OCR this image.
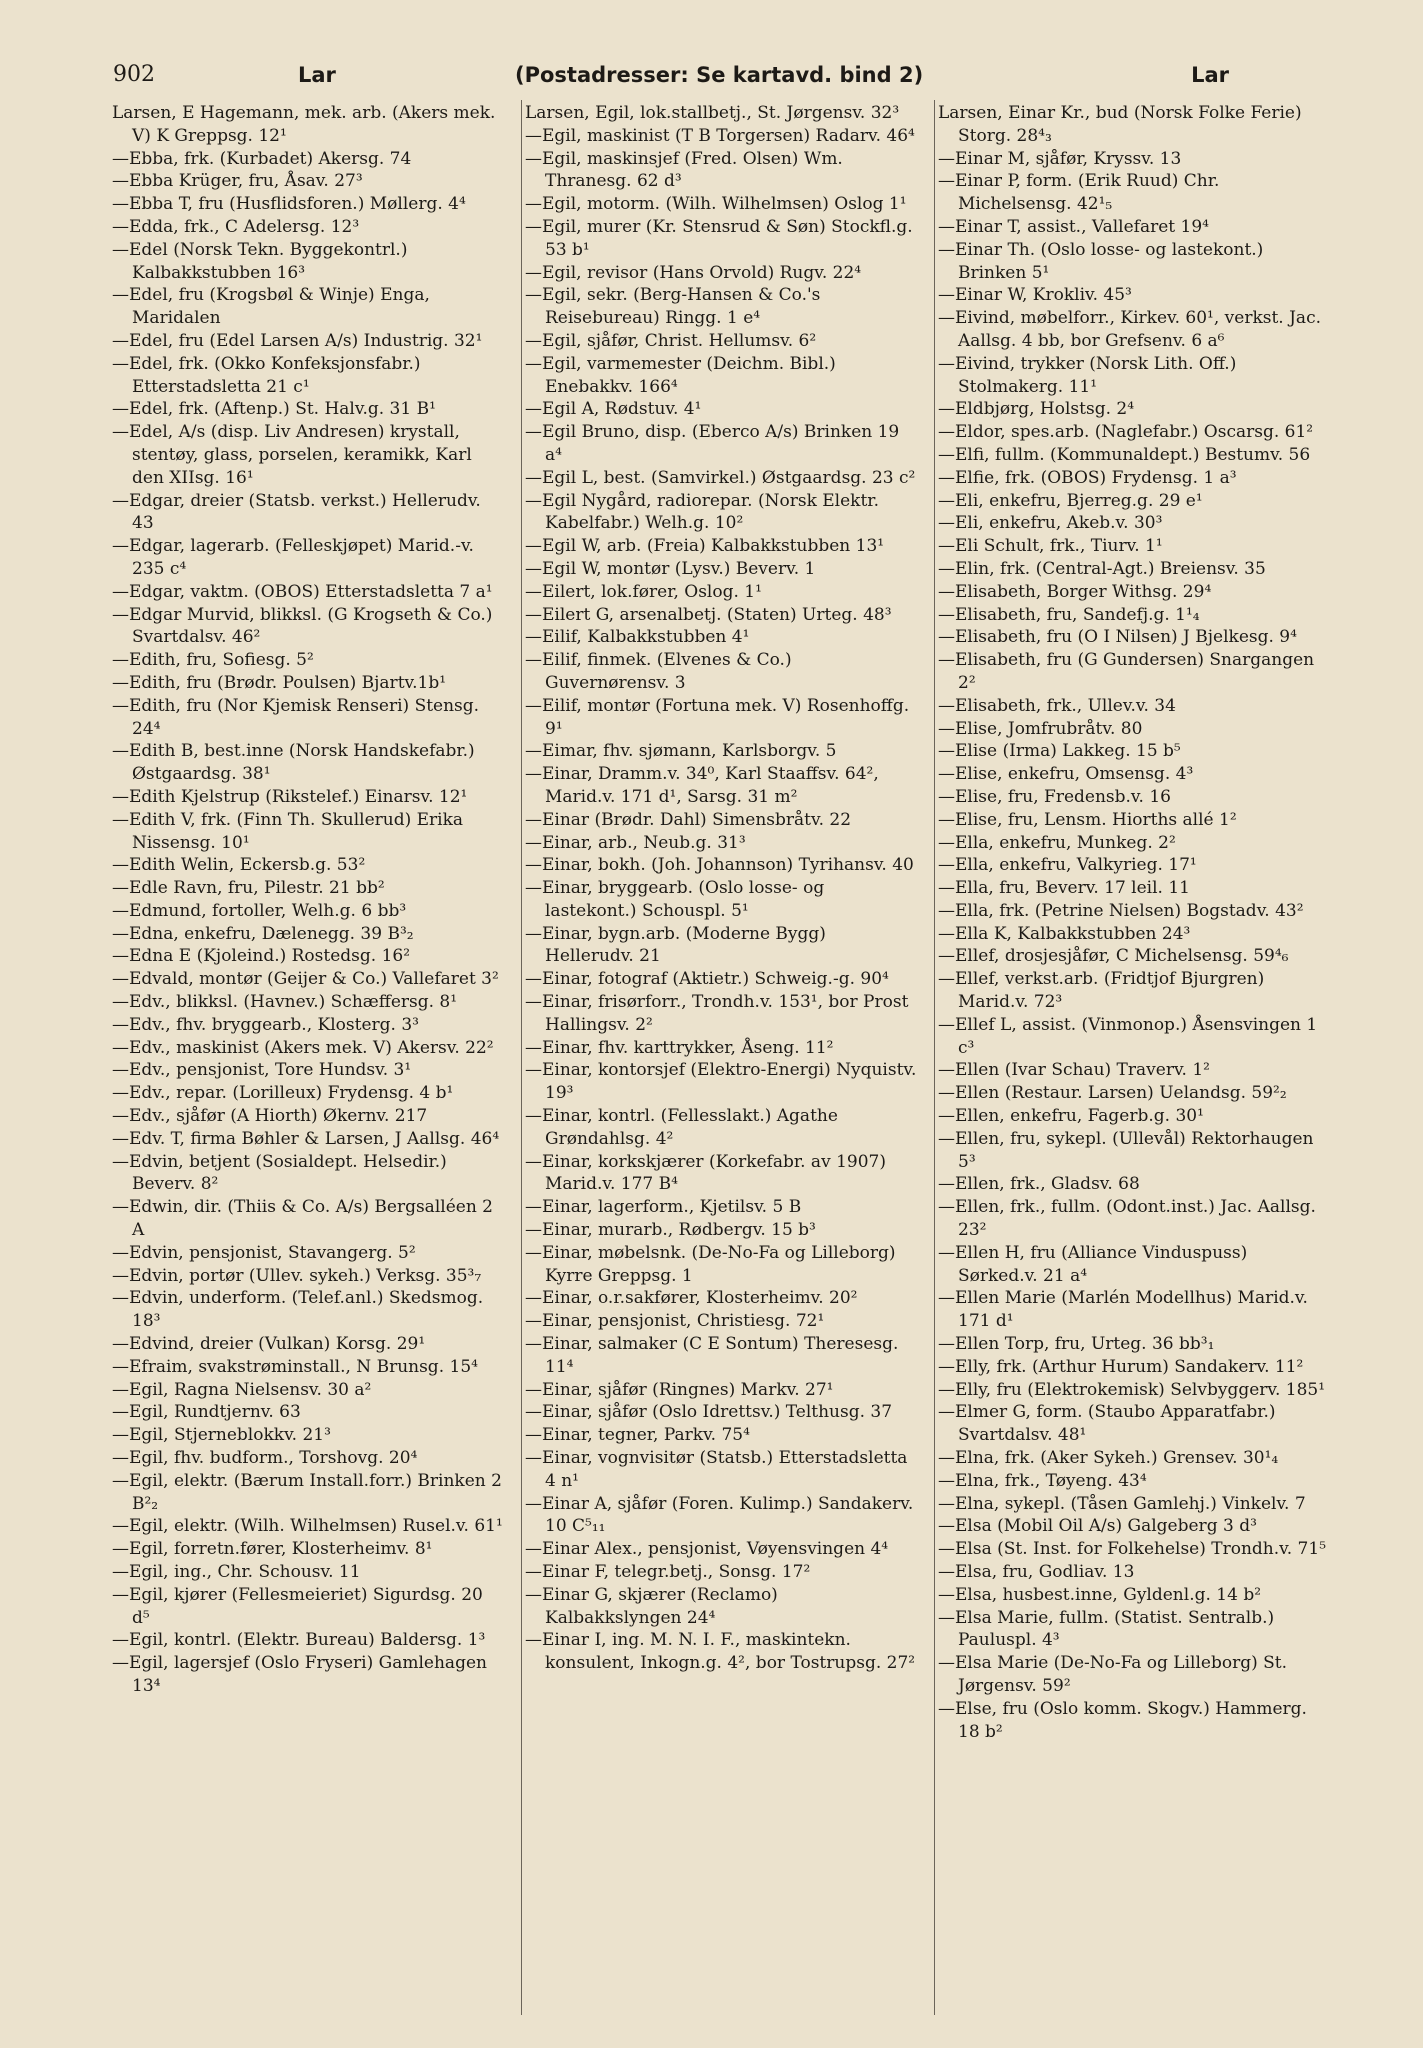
902	Lar	(Postadresser: Se kartavd. bind 2)	Lar
Larsen, E Hagemann, mek. arb. (Akers mek. V) K Greppsg. 12¹
—Ebba, frk. (Kurbadet) Akersg. 74
—Ebba Krüger, fru, Åsav. 27³
—Ebba T, fru (Husflidsforen.) Møllerg. 4⁴
—Edda, frk., C Adelersg. 12³
—Edel (Norsk Tekn. Byggekontrl.) Kalbakkstubben 16³
—Edel, fru (Krogsbøl & Winje) Enga, Maridalen
—Edel, fru (Edel Larsen A/s) Industrig. 32¹
—Edel, frk. (Okko Konfeksjonsfabr.) Etterstadsletta 21 c¹
—Edel, frk. (Aftenp.) St. Halv.g. 31 B¹
—Edel, A/s (disp. Liv Andresen) krystall, stentøy, glass, porselen, keramikk, Karl den XIIsg. 16¹
—Edgar, dreier (Statsb. verkst.) Hellerudv. 43
—Edgar, lagerarb. (Felleskjøpet) Marid.-v. 235 c⁴
—Edgar, vaktm. (OBOS) Etterstadsletta 7 a¹
—Edgar Murvid, blikksl. (G Krogseth & Co.) Svartdalsv. 46²
—Edith, fru, Sofiesg. 5²
—Edith, fru (Brødr. Poulsen) Bjartv.1b¹
—Edith, fru (Nor Kjemisk Renseri) Stensg. 24⁴
—Edith B, best.inne (Norsk Handskefabr.) Østgaardsg. 38¹
—Edith Kjelstrup (Rikstelef.) Einarsv. 12¹
—Edith V, frk. (Finn Th. Skullerud) Erika Nissensg. 10¹
—Edith Welin, Eckersb.g. 53²
—Edle Ravn, fru, Pilestr. 21 bb²
—Edmund, fortoller, Welh.g. 6 bb³
—Edna, enkefru, Dælenegg. 39 B³₂
—Edna E (Kjoleind.) Rostedsg. 16²
—Edvald, montør (Geijer & Co.) Vallefaret 3²
—Edv., blikksl. (Havnev.) Schæffersg. 8¹
—Edv., fhv. bryggearb., Klosterg. 3³
—Edv., maskinist (Akers mek. V) Akersv. 22²
—Edv., pensjonist, Tore Hundsv. 3¹
—Edv., repar. (Lorilleux) Frydensg. 4 b¹
—Edv., sjåfør (A Hiorth) Økernv. 217
—Edv. T, firma Bøhler & Larsen, J Aallsg. 46⁴
—Edvin, betjent (Sosialdept. Helsedir.) Beverv. 8²
—Edwin, dir. (Thiis & Co. A/s) Bergsalléen 2 A
—Edvin, pensjonist, Stavangerg. 5²
—Edvin, portør (Ullev. sykeh.) Verksg. 35³₇
—Edvin, underform. (Telef.anl.) Skedsmog. 18³
—Edvind, dreier (Vulkan) Korsg. 29¹
—Efraim, svakstrøminstall., N Brunsg. 15⁴
—Egil, Ragna Nielsensv. 30 a²
—Egil, Rundtjernv. 63
—Egil, Stjerneblokkv. 21³
—Egil, fhv. budform., Torshovg. 20⁴
—Egil, elektr. (Bærum Install.forr.) Brinken 2 B²₂
—Egil, elektr. (Wilh. Wilhelmsen) Rusel.v. 61¹
—Egil, forretn.fører, Klosterheimv. 8¹
—Egil, ing., Chr. Schousv. 11
—Egil, kjører (Fellesmeieriet) Sigurdsg. 20 d⁵
—Egil, kontrl. (Elektr. Bureau) Baldersg. 1³
—Egil, lagersjef (Oslo Fryseri) Gamlehagen 13⁴
Larsen, Egil, lok.stallbetj., St. Jørgensv. 32³
—Egil, maskinist (T B Torgersen) Radarv. 46⁴
—Egil, maskinsjef (Fred. Olsen) Wm. Thranesg. 62 d³
—Egil, motorm. (Wilh. Wilhelmsen) Oslog 1¹
—Egil, murer (Kr. Stensrud & Søn) Stockfl.g. 53 b¹
—Egil, revisor (Hans Orvold) Rugv. 22⁴
—Egil, sekr. (Berg-Hansen & Co.'s Reisebureau) Ringg. 1 e⁴
—Egil, sjåfør, Christ. Hellumsv. 6²
—Egil, varmemester (Deichm. Bibl.) Enebakkv. 166⁴
—Egil A, Rødstuv. 4¹
—Egil Bruno, disp. (Eberco A/s) Brinken 19 a⁴
—Egil L, best. (Samvirkel.) Østgaardsg. 23 c²
—Egil Nygård, radiorepar. (Norsk Elektr. Kabelfabr.) Welh.g. 10²
—Egil W, arb. (Freia) Kalbakkstubben 13¹
—Egil W, montør (Lysv.) Beverv. 1
—Eilert, lok.fører, Oslog. 1¹
—Eilert G, arsenalbetj. (Staten) Urteg. 48³
—Eilif, Kalbakkstubben 4¹
—Eilif, finmek. (Elvenes & Co.) Guvernørensv. 3
—Eilif, montør (Fortuna mek. V) Rosenhoffg. 9¹
—Eimar, fhv. sjømann, Karlsborgv. 5
—Einar, Dramm.v. 34⁰, Karl Staaffsv. 64², Marid.v. 171 d¹, Sarsg. 31 m²
—Einar (Brødr. Dahl) Simensbråtv. 22
—Einar, arb., Neub.g. 31³
—Einar, bokh. (Joh. Johannson) Tyrihansv. 40
—Einar, bryggearb. (Oslo losse- og lastekont.) Schouspl. 5¹
—Einar, bygn.arb. (Moderne Bygg) Hellerudv. 21
—Einar, fotograf (Aktietr.) Schweig.-g. 90⁴
—Einar, frisørforr., Trondh.v. 153¹, bor Prost Hallingsv. 2²
—Einar, fhv. karttrykker, Åseng. 11²
—Einar, kontorsjef (Elektro-Energi) Nyquistv. 19³
—Einar, kontrl. (Fellesslakt.) Agathe Grøndahlsg. 4²
—Einar, korkskjærer (Korkefabr. av 1907) Marid.v. 177 B⁴
—Einar, lagerform., Kjetilsv. 5 B
—Einar, murarb., Rødbergv. 15 b³
—Einar, møbelsnk. (De-No-Fa og Lilleborg) Kyrre Greppsg. 1
—Einar, o.r.sakfører, Klosterheimv. 20²
—Einar, pensjonist, Christiesg. 72¹
—Einar, salmaker (C E Sontum) Theresesg. 11⁴
—Einar, sjåfør (Ringnes) Markv. 27¹
—Einar, sjåfør (Oslo Idrettsv.) Telthusg. 37
—Einar, tegner, Parkv. 75⁴
—Einar, vognvisitør (Statsb.) Etterstadsletta 4 n¹
—Einar A, sjåfør (Foren. Kulimp.) Sandakerv. 10 C⁵₁₁
—Einar Alex., pensjonist, Vøyensvingen 4⁴
—Einar F, telegr.betj., Sonsg. 17²
—Einar G, skjærer (Reclamo) Kalbakkslyngen 24⁴
—Einar I, ing. M. N. I. F., maskintekn. konsulent, Inkogn.g. 4², bor Tostrupsg. 27²
Larsen, Einar Kr., bud (Norsk Folke Ferie) Storg. 28⁴₃
—Einar M, sjåfør, Kryssv. 13
—Einar P, form. (Erik Ruud) Chr. Michelsensg. 42¹₅
—Einar T, assist., Vallefaret 19⁴
—Einar Th. (Oslo losse- og lastekont.) Brinken 5¹
—Einar W, Krokliv. 45³
—Eivind, møbelforr., Kirkev. 60¹, verkst. Jac. Aallsg. 4 bb, bor Grefsenv. 6 a⁶
—Eivind, trykker (Norsk Lith. Off.) Stolmakerg. 11¹
—Eldbjørg, Holstsg. 2⁴
—Eldor, spes.arb. (Naglefabr.) Oscarsg. 61²
—Elfi, fullm. (Kommunaldept.) Bestumv. 56
—Elfie, frk. (OBOS) Frydensg. 1 a³
—Eli, enkefru, Bjerreg.g. 29 e¹
—Eli, enkefru, Akeb.v. 30³
—Eli Schult, frk., Tiurv. 1¹
—Elin, frk. (Central-Agt.) Breiensv. 35
—Elisabeth, Borger Withsg. 29⁴
—Elisabeth, fru, Sandefj.g. 1¹₄
—Elisabeth, fru (O I Nilsen) J Bjelkesg. 9⁴
—Elisabeth, fru (G Gundersen) Snargangen 2²
—Elisabeth, frk., Ullev.v. 34
—Elise, Jomfrubråtv. 80
—Elise (Irma) Lakkeg. 15 b⁵
—Elise, enkefru, Omsensg. 4³
—Elise, fru, Fredensb.v. 16
—Elise, fru, Lensm. Hiorths allé 1²
—Ella, enkefru, Munkeg. 2²
—Ella, enkefru, Valkyrieg. 17¹
—Ella, fru, Beverv. 17 leil. 11
—Ella, frk. (Petrine Nielsen) Bogstadv. 43²
—Ella K, Kalbakkstubben 24³
—Ellef, drosjesjåfør, C Michelsensg. 59⁴₆
—Ellef, verkst.arb. (Fridtjof Bjurgren) Marid.v. 72³
—Ellef L, assist. (Vinmonop.) Åsensvingen 1 c³
—Ellen (Ivar Schau) Traverv. 1²
—Ellen (Restaur. Larsen) Uelandsg. 59²₂
—Ellen, enkefru, Fagerb.g. 30¹
—Ellen, fru, sykepl. (Ullevål) Rektorhaugen 5³
—Ellen, frk., Gladsv. 68
—Ellen, frk., fullm. (Odont.inst.) Jac. Aallsg. 23²
—Ellen H, fru (Alliance Vinduspuss) Sørked.v. 21 a⁴
—Ellen Marie (Marlén Modellhus) Marid.v. 171 d¹
—Ellen Torp, fru, Urteg. 36 bb³₁
—Elly, frk. (Arthur Hurum) Sandakerv. 11²
—Elly, fru (Elektrokemisk) Selvbyggerv. 185¹
—Elmer G, form. (Staubo Apparatfabr.) Svartdalsv. 48¹
—Elna, frk. (Aker Sykeh.) Grensev. 30¹₄
—Elna, frk., Tøyeng. 43⁴
—Elna, sykepl. (Tåsen Gamlehj.) Vinkelv. 7
—Elsa (Mobil Oil A/s) Galgeberg 3 d³
—Elsa (St. Inst. for Folkehelse) Trondh.v. 71⁵
—Elsa, fru, Godliav. 13
—Elsa, husbest.inne, Gyldenl.g. 14 b²
—Elsa Marie, fullm. (Statist. Sentralb.) Pauluspl. 4³
—Elsa Marie (De-No-Fa og Lilleborg) St. Jørgensv. 59²
—Else, fru (Oslo komm. Skogv.) Hammerg. 18 b²
